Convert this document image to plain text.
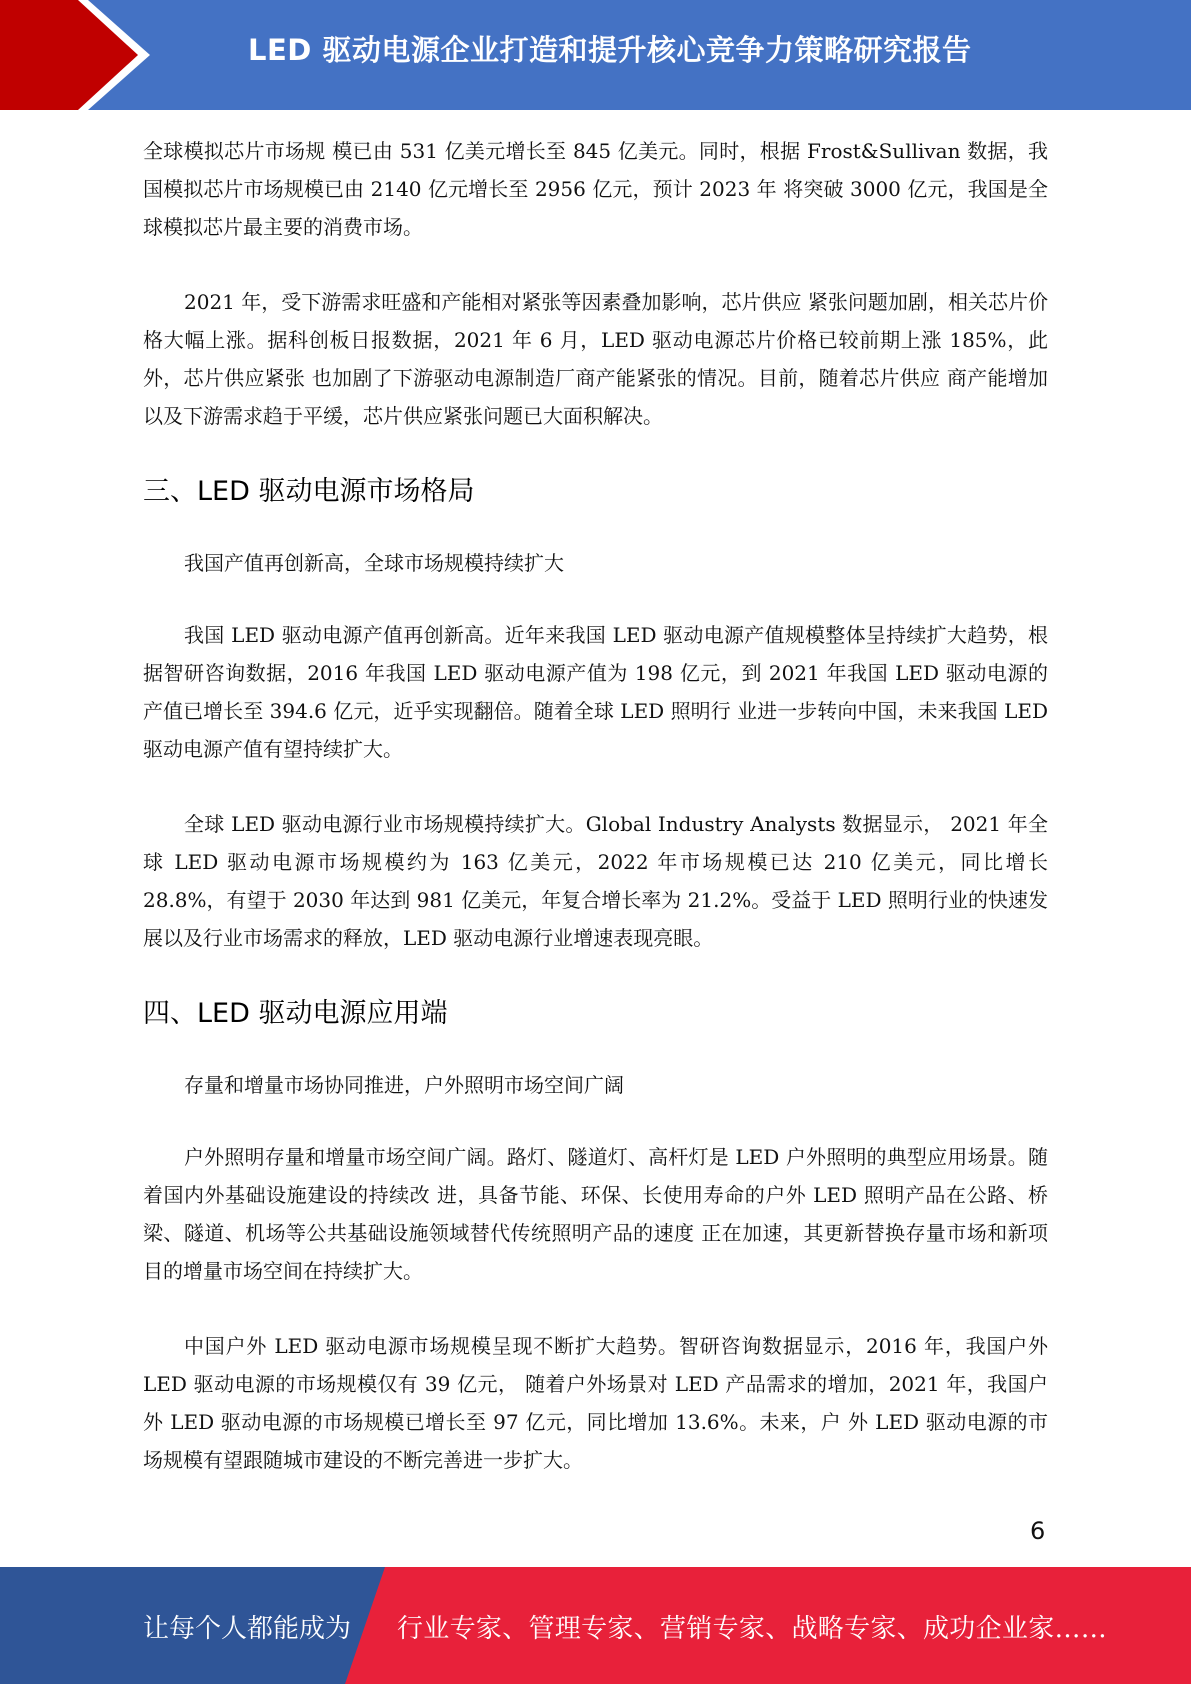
LED 驱动电源企业打造和提升核心竞争力策略研究报告

全球模拟芯片市场规 模已由 531 亿美元增长至 845 亿美元。同时，根据 Frost&Sullivan 数据，我国模拟芯片市场规模已由 2140 亿元增长至 2956 亿元，预计 2023 年 将突破 3000 亿元，我国是全球模拟芯片最主要的消费市场。

2021 年，受下游需求旺盛和产能相对紧张等因素叠加影响，芯片供应 紧张问题加剧，相关芯片价格大幅上涨。据科创板日报数据，2021 年 6 月，LED 驱动电源芯片价格已较前期上涨 185%，此外，芯片供应紧张 也加剧了下游驱动电源制造厂商产能紧张的情况。目前，随着芯片供应 商产能增加以及下游需求趋于平缓，芯片供应紧张问题已大面积解决。

三、LED 驱动电源市场格局

我国产值再创新高，全球市场规模持续扩大

我国 LED 驱动电源产值再创新高。近年来我国 LED 驱动电源产值规模整体呈持续扩大趋势，根据智研咨询数据，2016 年我国 LED 驱动电源产值为 198 亿元，到 2021 年我国 LED 驱动电源的产值已增长至 394.6 亿元，近乎实现翻倍。随着全球 LED 照明行 业进一步转向中国，未来我国 LED 驱动电源产值有望持续扩大。

全球 LED 驱动电源行业市场规模持续扩大。Global Industry Analysts 数据显示， 2021 年全球 LED 驱动电源市场规模约为 163 亿美元，2022 年市场规模已达 210 亿美元，同比增长 28.8%，有望于 2030 年达到 981 亿美元，年复合增长率为 21.2%。受益于 LED 照明行业的快速发展以及行业市场需求的释放，LED 驱动电源行业增速表现亮眼。

四、LED 驱动电源应用端

存量和增量市场协同推进，户外照明市场空间广阔

户外照明存量和增量市场空间广阔。路灯、隧道灯、高杆灯是 LED 户外照明的典型应用场景。随着国内外基础设施建设的持续改 进，具备节能、环保、长使用寿命的户外 LED 照明产品在公路、桥梁、隧道、机场等公共基础设施领域替代传统照明产品的速度 正在加速，其更新替换存量市场和新项目的增量市场空间在持续扩大。

中国户外 LED 驱动电源市场规模呈现不断扩大趋势。智研咨询数据显示，2016 年，我国户外 LED 驱动电源的市场规模仅有 39 亿元， 随着户外场景对 LED 产品需求的增加，2021 年，我国户外 LED 驱动电源的市场规模已增长至 97 亿元，同比增加 13.6%。未来，户 外 LED 驱动电源的市场规模有望跟随城市建设的不断完善进一步扩大。

6
让每个人都能成为 行业专家、管理专家、营销专家、战略专家、成功企业家……
